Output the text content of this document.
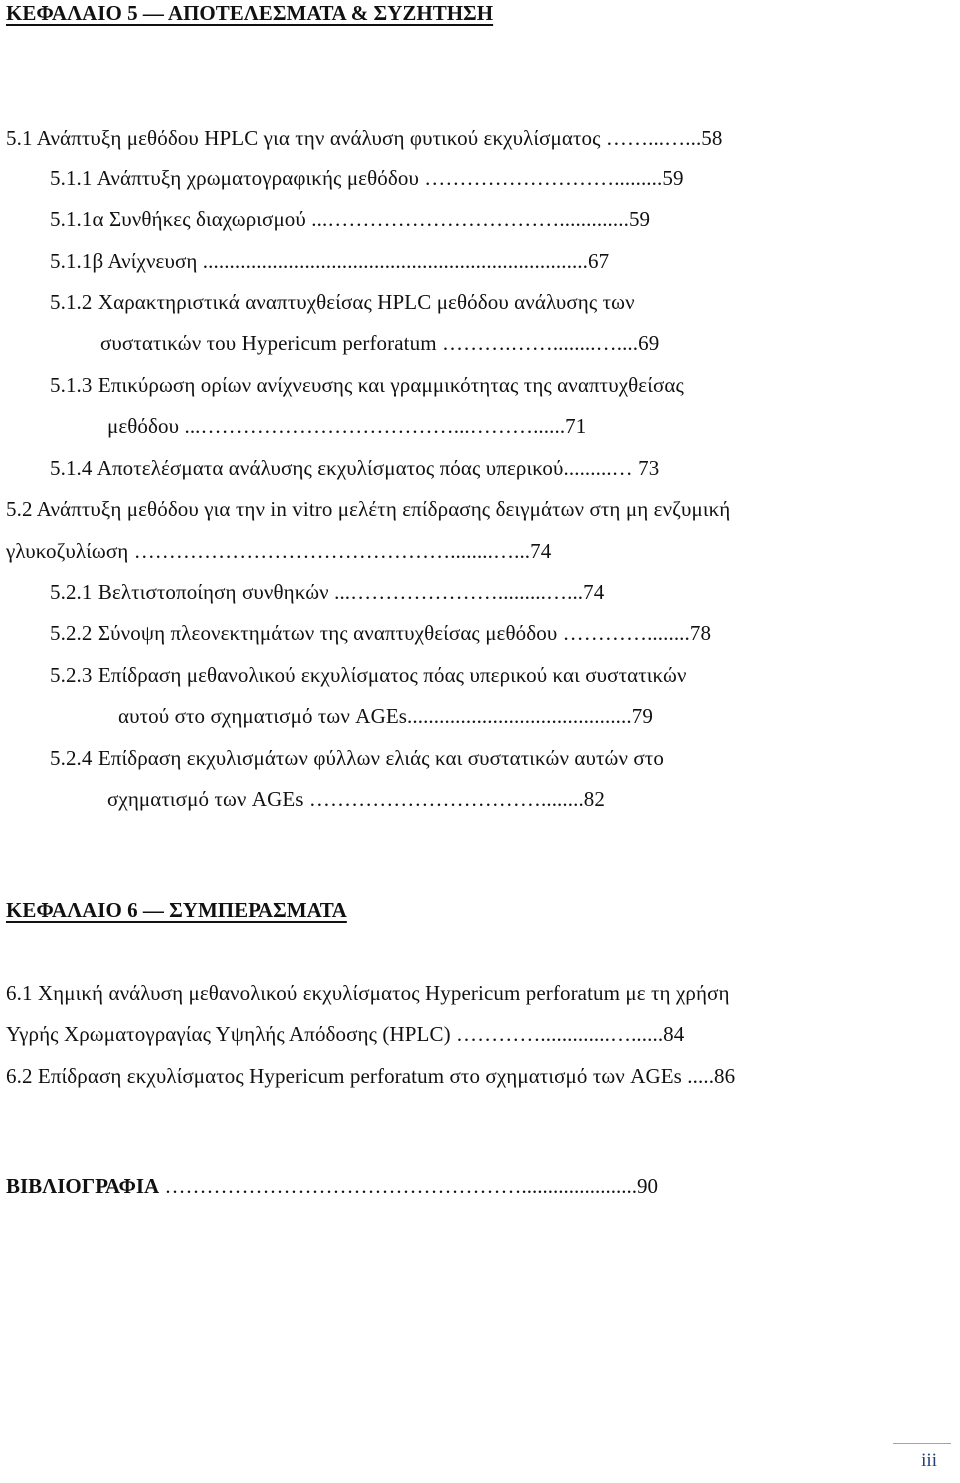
ΚΕΦΑΛΑΙΟ 5 ― ΑΠΟΤΕΛΕΣΜΑΤΑ & ΣΥΖΗΤΗΣΗ
5.1 Ανάπτυξη μεθόδου HPLC για την ανάλυση φυτικού εκχυλίσματος ……...…...58
5.1.1 Ανάπτυξη χρωματογραφικής μεθόδου ……………………….........59
5.1.1α Συνθήκες διαχωρισμού ...…………………………….............59
5.1.1β Ανίχνευση ........................................................................67
5.1.2 Χαρακτηριστικά αναπτυχθείσας HPLC μεθόδου ανάλυσης των
συστατικών του Hypericum perforatum ……….……........…....69
5.1.3 Επικύρωση ορίων ανίχνευσης και γραμμικότητας της αναπτυχθείσας
μεθόδου ...………………………………...………......71
5.1.4 Αποτελέσματα ανάλυσης εκχυλίσματος πόας υπερικού.........… 73
5.2 Ανάπτυξη μεθόδου για την in vitro μελέτη επίδρασης δειγμάτων στη μη ενζυμική
γλυκοζυλίωση ………………………………………........…...74
5.2.1 Βελτιστοποίηση συνθηκών ...………………….........…...74
5.2.2 Σύνοψη πλεονεκτημάτων της αναπτυχθείσας μεθόδου …………........78
5.2.3 Επίδραση μεθανολικού εκχυλίσματος πόας υπερικού και συστατικών
αυτού στο σχηματισμό των AGEs..........................................79
5.2.4 Επίδραση εκχυλισμάτων φύλλων ελιάς και συστατικών αυτών στο
σχηματισμό των AGEs ……………………………........82
ΚΕΦΑΛΑΙΟ 6 ― ΣΥΜΠΕΡΑΣΜΑΤΑ
6.1 Χημική ανάλυση μεθανολικού εκχυλίσματος Hypericum perforatum με τη χρήση
Υγρής Χρωματογραγίας Υψηλής Απόδοσης (HPLC) ………….............…......84
6.2 Επίδραση εκχυλίσματος Hypericum perforatum στο σχηματισμό των AGEs .....86
ΒΙΒΛΙΟΓΡΑΦΙΑ ……………………………………………......................90
iii
